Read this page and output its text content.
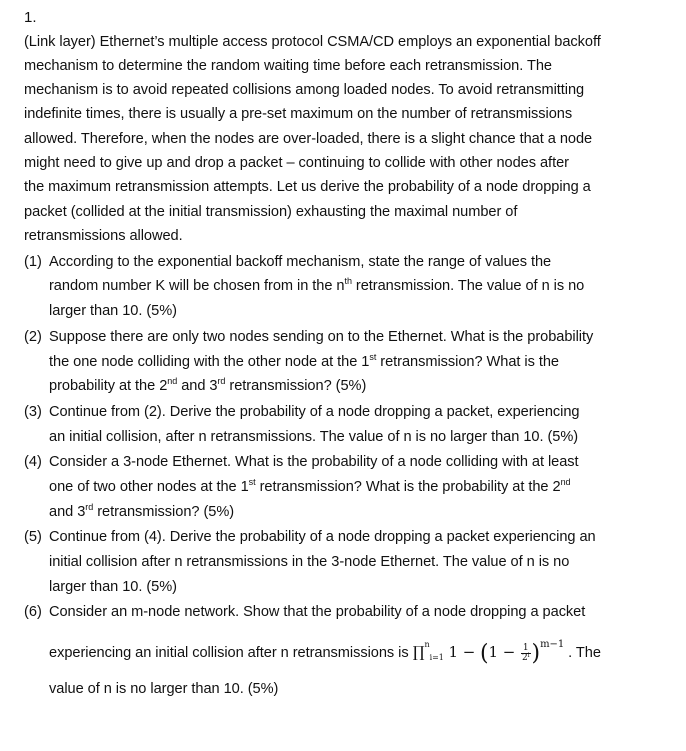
1.
(Link layer) Ethernet’s multiple access protocol CSMA/CD employs an exponential backoff
mechanism to determine the random waiting time before each retransmission. The
mechanism is to avoid repeated collisions among loaded nodes. To avoid retransmitting
indefinite times, there is usually a pre-set maximum on the number of retransmissions
allowed. Therefore, when the nodes are over-loaded, there is a slight chance that a node
might need to give up and drop a packet – continuing to collide with other nodes after
the maximum retransmission attempts. Let us derive the probability of a node dropping a
packet (collided at the initial transmission) exhausting the maximal number of
retransmissions allowed.
(1) According to the exponential backoff mechanism, state the range of values the
random number K will be chosen from in the $n^{th}$ retransmission. The value of n is no
larger than 10. (5%)
(2) Suppose there are only two nodes sending on to the Ethernet. What is the probability
the one node colliding with the other node at the 1st retransmission? What is the
probability at the 2nd and 3rd retransmission? (5%)
(3) Continue from (2). Derive the probability of a node dropping a packet, experiencing
an initial collision, after n retransmissions. The value of n is no larger than 10. (5%)
(4) Consider a 3-node Ethernet. What is the probability of a node colliding with at least
one of two other nodes at the 1st retransmission? What is the probability at the 2nd
and 3rd retransmission? (5%)
(5) Continue from (4). Derive the probability of a node dropping a packet experiencing an
initial collision after n retransmissions in the 3-node Ethernet. The value of n is no
larger than 10. (5%)
(6) Consider an m-node network. Show that the probability of a node dropping a packet
experiencing an initial collision after n retransmissions is ∏$^n_{i=1}$ $1 - (1 - \frac{1}{2^i} )^{m-1}$ . The
value of n is no larger than 10. (5%)
